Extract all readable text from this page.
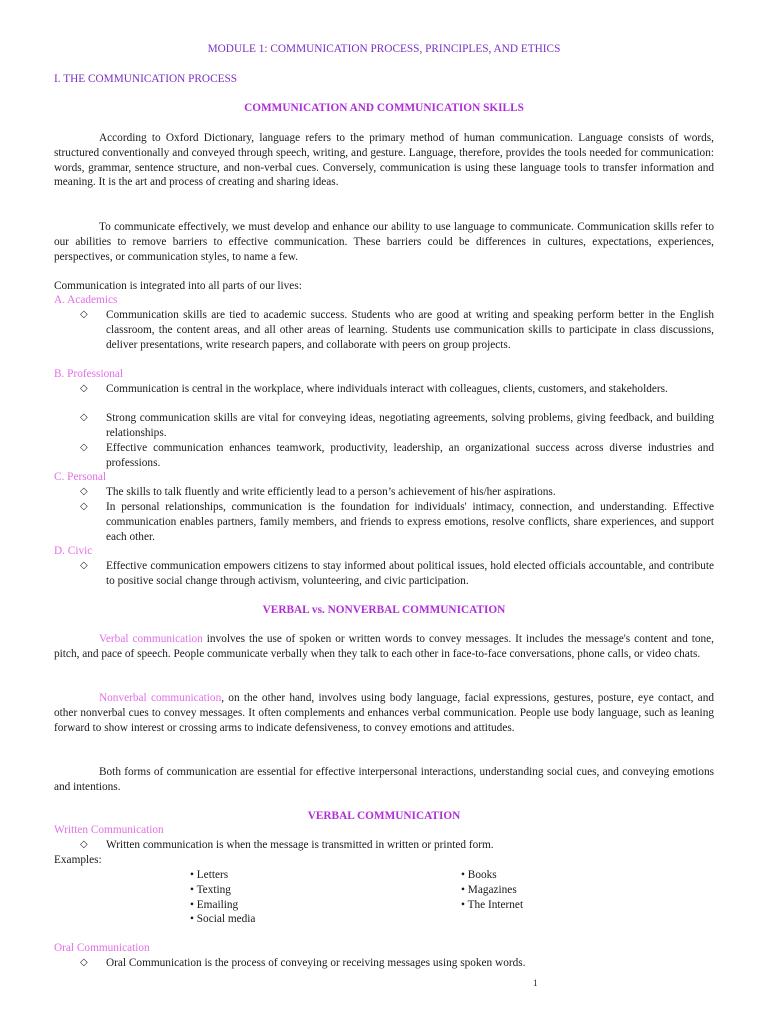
MODULE 1: COMMUNICATION PROCESS, PRINCIPLES, AND ETHICS
I. THE COMMUNICATION PROCESS
COMMUNICATION AND COMMUNICATION SKILLS
According to Oxford Dictionary, language refers to the primary method of human communication. Language consists of words, structured conventionally and conveyed through speech, writing, and gesture. Language, therefore, provides the tools needed for communication: words, grammar, sentence structure, and non-verbal cues. Conversely, communication is using these language tools to transfer information and meaning. It is the art and process of creating and sharing ideas.
To communicate effectively, we must develop and enhance our ability to use language to communicate. Communication skills refer to our abilities to remove barriers to effective communication. These barriers could be differences in cultures, expectations, experiences, perspectives, or communication styles, to name a few.
Communication is integrated into all parts of our lives:
A. Academics
◇	Communication skills are tied to academic success. Students who are good at writing and speaking perform better in the English classroom, the content areas, and all other areas of learning. Students use communication skills to participate in class discussions, deliver presentations, write research papers, and collaborate with peers on group projects.
B. Professional
◇	Communication is central in the workplace, where individuals interact with colleagues, clients, customers, and stakeholders.
◇	Strong communication skills are vital for conveying ideas, negotiating agreements, solving problems, giving feedback, and building relationships.
◇	Effective communication enhances teamwork, productivity, leadership, an organizational success across diverse industries and professions.
C. Personal
◇	The skills to talk fluently and write efficiently lead to a person’s achievement of his/her aspirations.
◇	In personal relationships, communication is the foundation for individuals' intimacy, connection, and understanding. Effective communication enables partners, family members, and friends to express emotions, resolve conflicts, share experiences, and support each other.
D. Civic
◇	Effective communication empowers citizens to stay informed about political issues, hold elected officials accountable, and contribute to positive social change through activism, volunteering, and civic participation.
VERBAL vs. NONVERBAL COMMUNICATION
Verbal communication involves the use of spoken or written words to convey messages. It includes the message's content and tone, pitch, and pace of speech. People communicate verbally when they talk to each other in face-to-face conversations, phone calls, or video chats.
Nonverbal communication, on the other hand, involves using body language, facial expressions, gestures, posture, eye contact, and other nonverbal cues to convey messages. It often complements and enhances verbal communication. People use body language, such as leaning forward to show interest or crossing arms to indicate defensiveness, to convey emotions and attitudes.
Both forms of communication are essential for effective interpersonal interactions, understanding social cues, and conveying emotions and intentions.
VERBAL COMMUNICATION
Written Communication
◇	Written communication is when the message is transmitted in written or printed form.
Examples:
• Letters
• Texting
• Emailing
• Social media
• Books
• Magazines
• The Internet
Oral Communication
◇	Oral Communication is the process of conveying or receiving messages using spoken words.
1
